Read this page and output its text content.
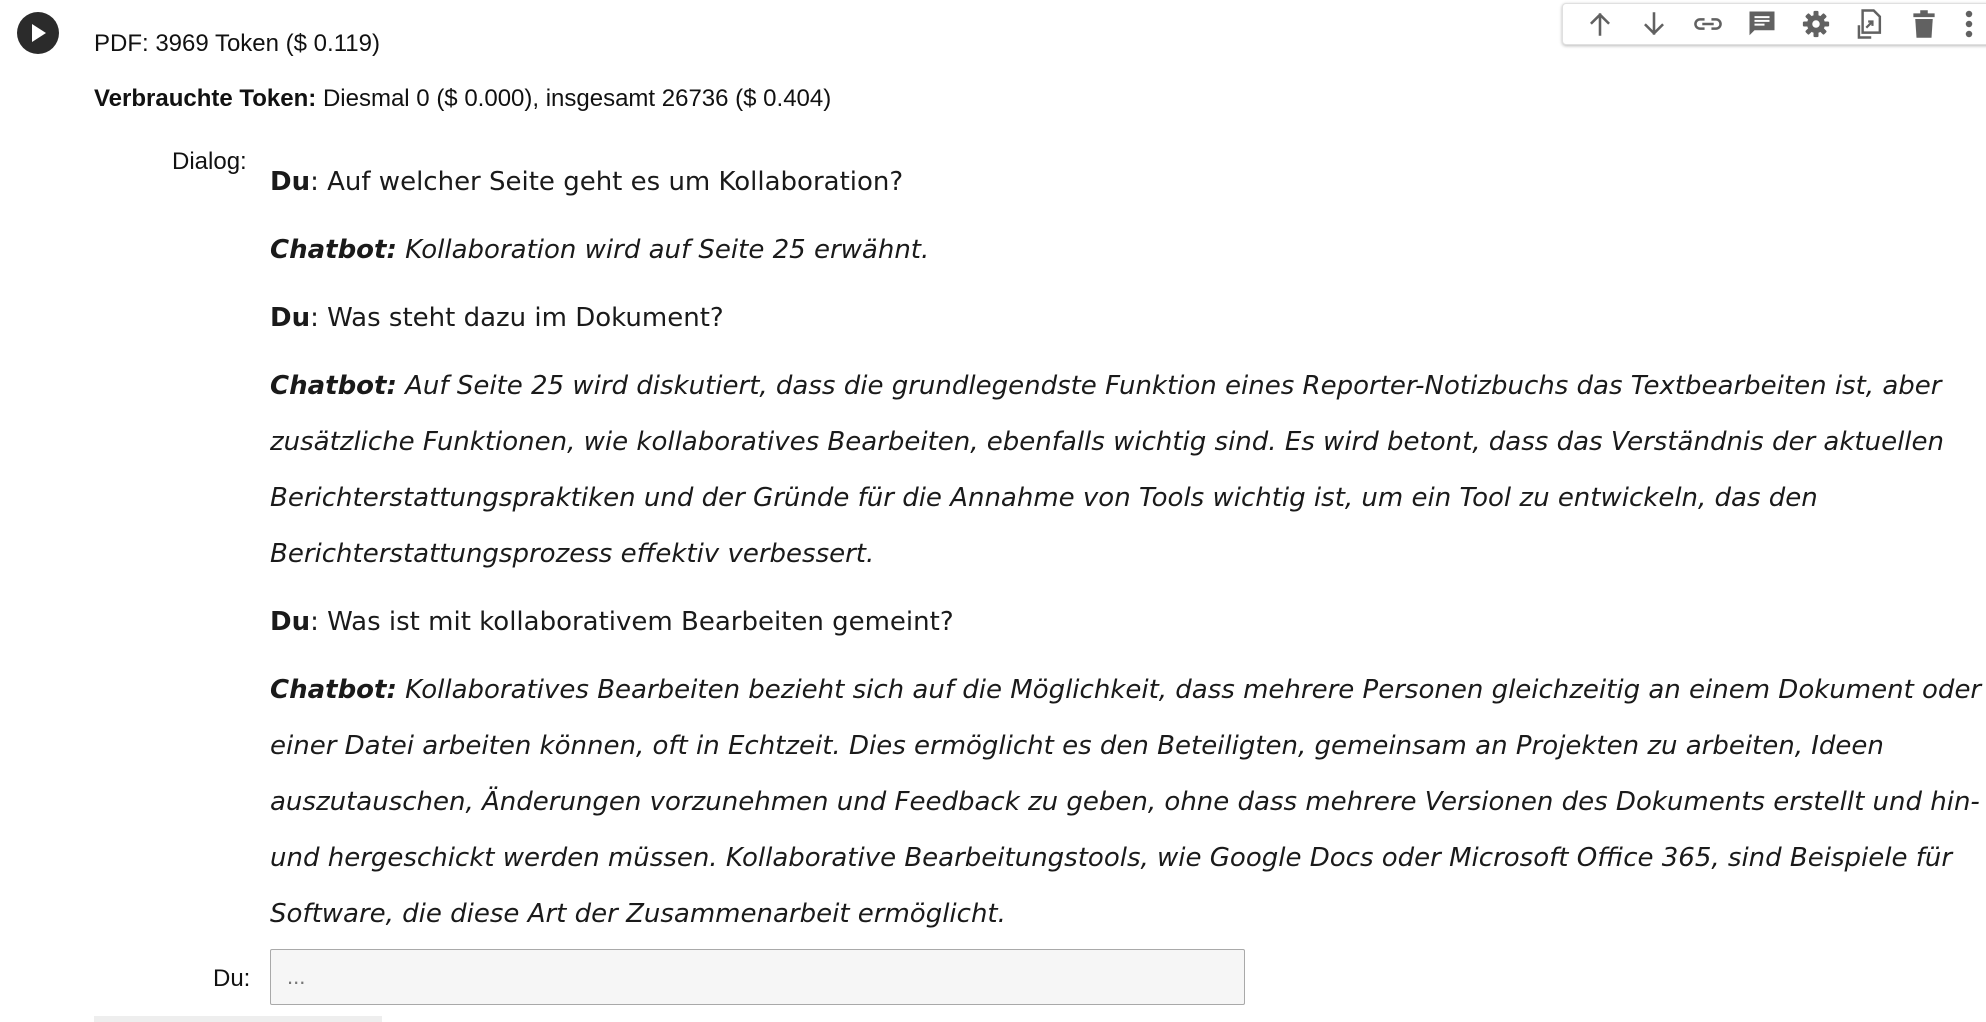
PDF: 3969 Token ($ 0.119)
Verbrauchte Token: Diesmal 0 ($ 0.000), insgesamt 26736 ($ 0.404)
Dialog:

Du: Auf welcher Seite geht es um Kollaboration?

Chatbot: Kollaboration wird auf Seite 25 erwähnt.

Du: Was steht dazu im Dokument?

Chatbot: Auf Seite 25 wird diskutiert, dass die grundlegendste Funktion eines Reporter-Notizbuchs das Textbearbeiten ist, aber zusätzliche Funktionen, wie kollaboratives Bearbeiten, ebenfalls wichtig sind. Es wird betont, dass das Verständnis der aktuellen Berichterstattungspraktiken und der Gründe für die Annahme von Tools wichtig ist, um ein Tool zu entwickeln, das den Berichterstattungsprozess effektiv verbessert.

Du: Was ist mit kollaborativem Bearbeiten gemeint?

Chatbot: Kollaboratives Bearbeiten bezieht sich auf die Möglichkeit, dass mehrere Personen gleichzeitig an einem Dokument oder einer Datei arbeiten können, oft in Echtzeit. Dies ermöglicht es den Beteiligten, gemeinsam an Projekten zu arbeiten, Ideen auszutauschen, Änderungen vorzunehmen und Feedback zu geben, ohne dass mehrere Versionen des Dokuments erstellt und hin- und hergeschickt werden müssen. Kollaborative Bearbeitungstools, wie Google Docs oder Microsoft Office 365, sind Beispiele für Software, die diese Art der Zusammenarbeit ermöglicht.

Du:
...
